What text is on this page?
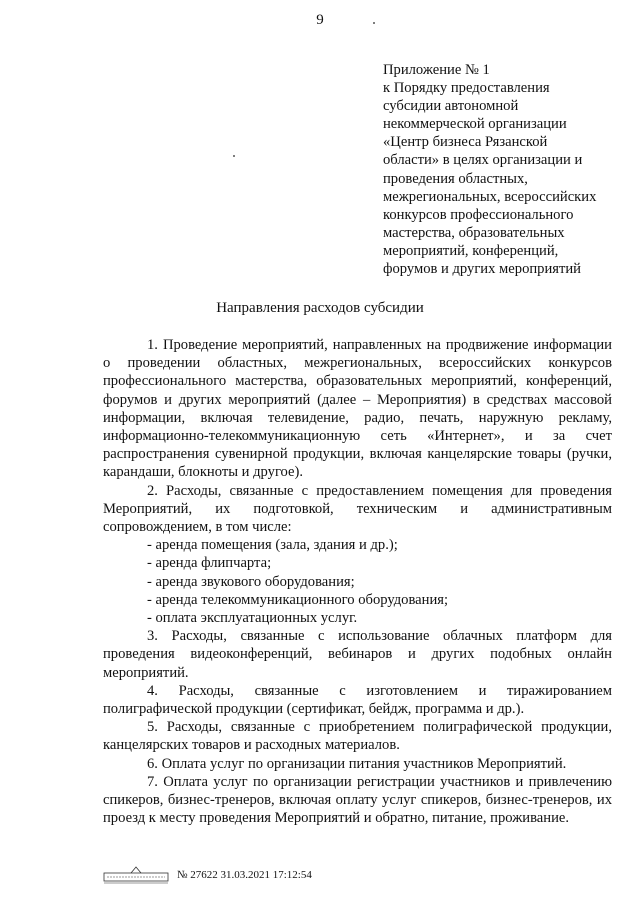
9
Приложение № 1
к Порядку предоставления
субсидии автономной
некоммерческой организации
«Центр бизнеса Рязанской
области» в целях организации и
проведения областных,
межрегиональных, всероссийских
конкурсов профессионального
мастерства, образовательных
мероприятий, конференций,
форумов и других мероприятий
Направления расходов субсидии

1. Проведение мероприятий, направленных на продвижение информации о проведении областных, межрегиональных, всероссийских конкурсов профессионального мастерства, образовательных мероприятий, конференций, форумов и других мероприятий (далее – Мероприятия) в средствах массовой информации, включая телевидение, радио, печать, наружную рекламу, информационно-телекоммуникационную сеть «Интернет», и за счет распространения сувенирной продукции, включая канцелярские товары (ручки, карандаши, блокноты и другое).

2. Расходы, связанные с предоставлением помещения для проведения Мероприятий, их подготовкой, техническим и административным сопровождением, в том числе:

- аренда помещения (зала, здания и др.);

- аренда флипчарта;

- аренда звукового оборудования;

- аренда телекоммуникационного оборудования;

- оплата эксплуатационных услуг.

3. Расходы, связанные с использование облачных платформ для проведения видеоконференций, вебинаров и других подобных онлайн мероприятий.

4. Расходы, связанные с изготовлением и тиражированием полиграфической продукции (сертификат, бейдж, программа и др.).

5. Расходы, связанные с приобретением полиграфической продукции, канцелярских товаров и расходных материалов.

6. Оплата услуг по организации питания участников Мероприятий.

7. Оплата услуг по организации регистрации участников и привлечению спикеров, бизнес-тренеров, включая оплату услуг спикеров, бизнес-тренеров, их проезд к месту проведения Мероприятий и обратно, питание, проживание.

№ 27622 31.03.2021 17:12:54
